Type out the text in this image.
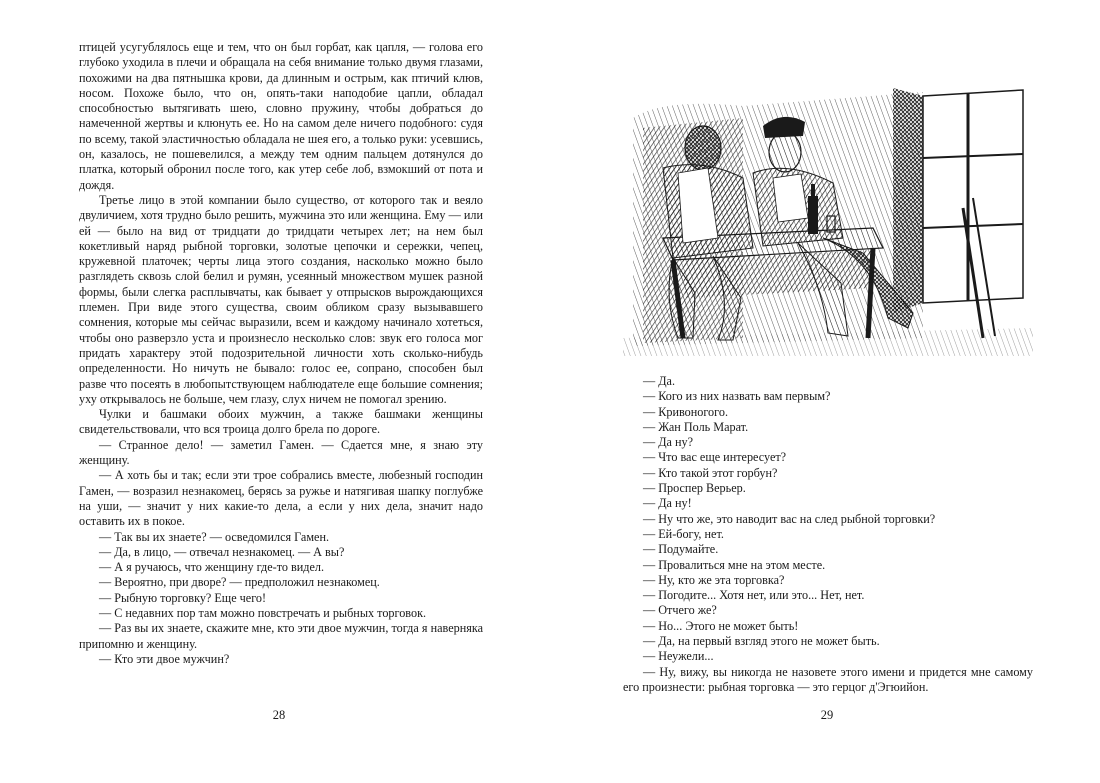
птицей усугублялось еще и тем, что он был горбат, как цапля, — голова его глубоко уходила в плечи и обращала на себя внимание только двумя глазами, похожими на два пятнышка крови, да длинным и острым, как птичий клюв, носом. Похоже было, что он, опять-таки наподобие цапли, обладал способностью вытягивать шею, словно пружину, чтобы добраться до намеченной жертвы и клюнуть ее. Но на самом деле ничего подобного: судя по всему, такой эластичностью обладала не шея его, а только руки: усевшись, он, казалось, не пошевелился, а между тем одним пальцем дотянулся до платка, который обронил после того, как утер себе лоб, взмокший от пота и дождя.

Третье лицо в этой компании было существо, от которого так и веяло двуличием, хотя трудно было решить, мужчина это или женщина. Ему — или ей — было на вид от тридцати до тридцати четырех лет; на нем был кокетливый наряд рыбной торговки, золотые цепочки и сережки, чепец, кружевной платочек; черты лица этого создания, насколько можно было разглядеть сквозь слой белил и румян, усеянный множеством мушек разной формы, были слегка расплывчаты, как бывает у отпрысков вырождающихся племен. При виде этого существа, своим обликом сразу вызывавшего сомнения, которые мы сейчас выразили, всем и каждому начинало хотеться, чтобы оно разверзло уста и произнесло несколько слов: звук его голоса мог придать характеру этой подозрительной личности хоть сколько-нибудь определенности. Но ничуть не бывало: голос ее, сопрано, способен был разве что посеять в любопытствующем наблюдателе еще большие сомнения; уху открывалось не больше, чем глазу, слух ничем не помогал зрению.

Чулки и башмаки обоих мужчин, а также башмаки женщины свидетельствовали, что вся троица долго брела по дороге.

— Странное дело! — заметил Гамен. — Сдается мне, я знаю эту женщину.

— А хоть бы и так; если эти трое собрались вместе, любезный господин Гамен, — возразил незнакомец, берясь за ружье и натягивая шапку поглубже на уши, — значит у них какие-то дела, а если у них дела, значит надо оставить их в покое.

— Так вы их знаете? — осведомился Гамен.

— Да, в лицо, — отвечал незнакомец. — А вы?

— А я ручаюсь, что женщину где-то видел.

— Вероятно, при дворе? — предположил незнакомец.

— Рыбную торговку? Еще чего!

— С недавних пор там можно повстречать и рыбных торговок.

— Раз вы их знаете, скажите мне, кто эти двое мужчин, тогда я наверняка припомню и женщину.

— Кто эти двое мужчин?

28

— Да.

— Кого из них назвать вам первым?

— Кривоногого.

— Жан Поль Марат.

— Да ну?

— Что вас еще интересует?

— Кто такой этот горбун?

— Проспер Верьер.

— Да ну!

— Ну что же, это наводит вас на след рыбной торговки?

— Ей-богу, нет.

— Подумайте.

— Провалиться мне на этом месте.

— Ну, кто же эта торговка?

— Погодите... Хотя нет, или это... Нет, нет.

— Отчего же?

— Но... Этого не может быть!

— Да, на первый взгляд этого не может быть.

— Неужели...

— Ну, вижу, вы никогда не назовете этого имени и придется мне самому его произнести: рыбная торговка — это герцог д'Эгюийон.

29
